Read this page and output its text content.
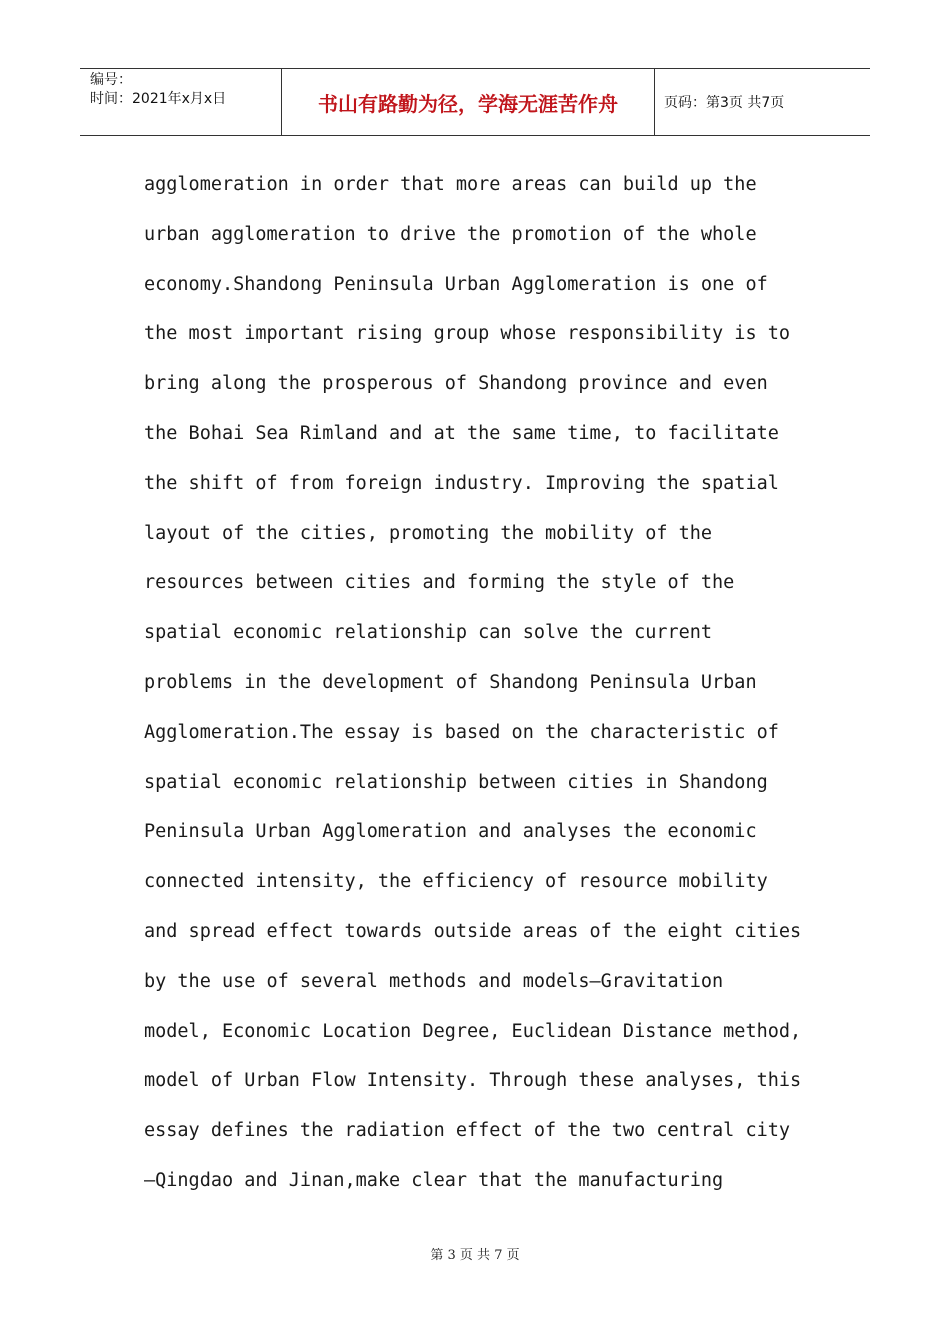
编号：
时间：2021年x月x日	书山有路勤为径，学海无涯苦作舟	页码：第3页 共7页
agglomeration in order that more areas can build up the
urban agglomeration to drive the promotion of the whole
economy.Shandong Peninsula Urban Agglomeration is one of
the most important rising group whose responsibility is to
bring along the prosperous of Shandong province and even
the Bohai Sea Rimland and at the same time, to facilitate
the shift of from foreign industry. Improving the spatial
layout of the cities, promoting the mobility of the
resources between cities and forming the style of the
spatial economic relationship can solve the current
problems in the development of Shandong Peninsula Urban
Agglomeration.The essay is based on the characteristic of
spatial economic relationship between cities in Shandong
Peninsula Urban Agglomeration and analyses the economic
connected intensity, the efficiency of resource mobility
and spread effect towards outside areas of the eight cities
by the use of several methods and models—Gravitation
model, Economic Location Degree, Euclidean Distance method,
model of Urban Flow Intensity. Through these analyses, this
essay defines the radiation effect of the two central city
—Qingdao and Jinan,make clear that the manufacturing
第 3 页 共 7 页
